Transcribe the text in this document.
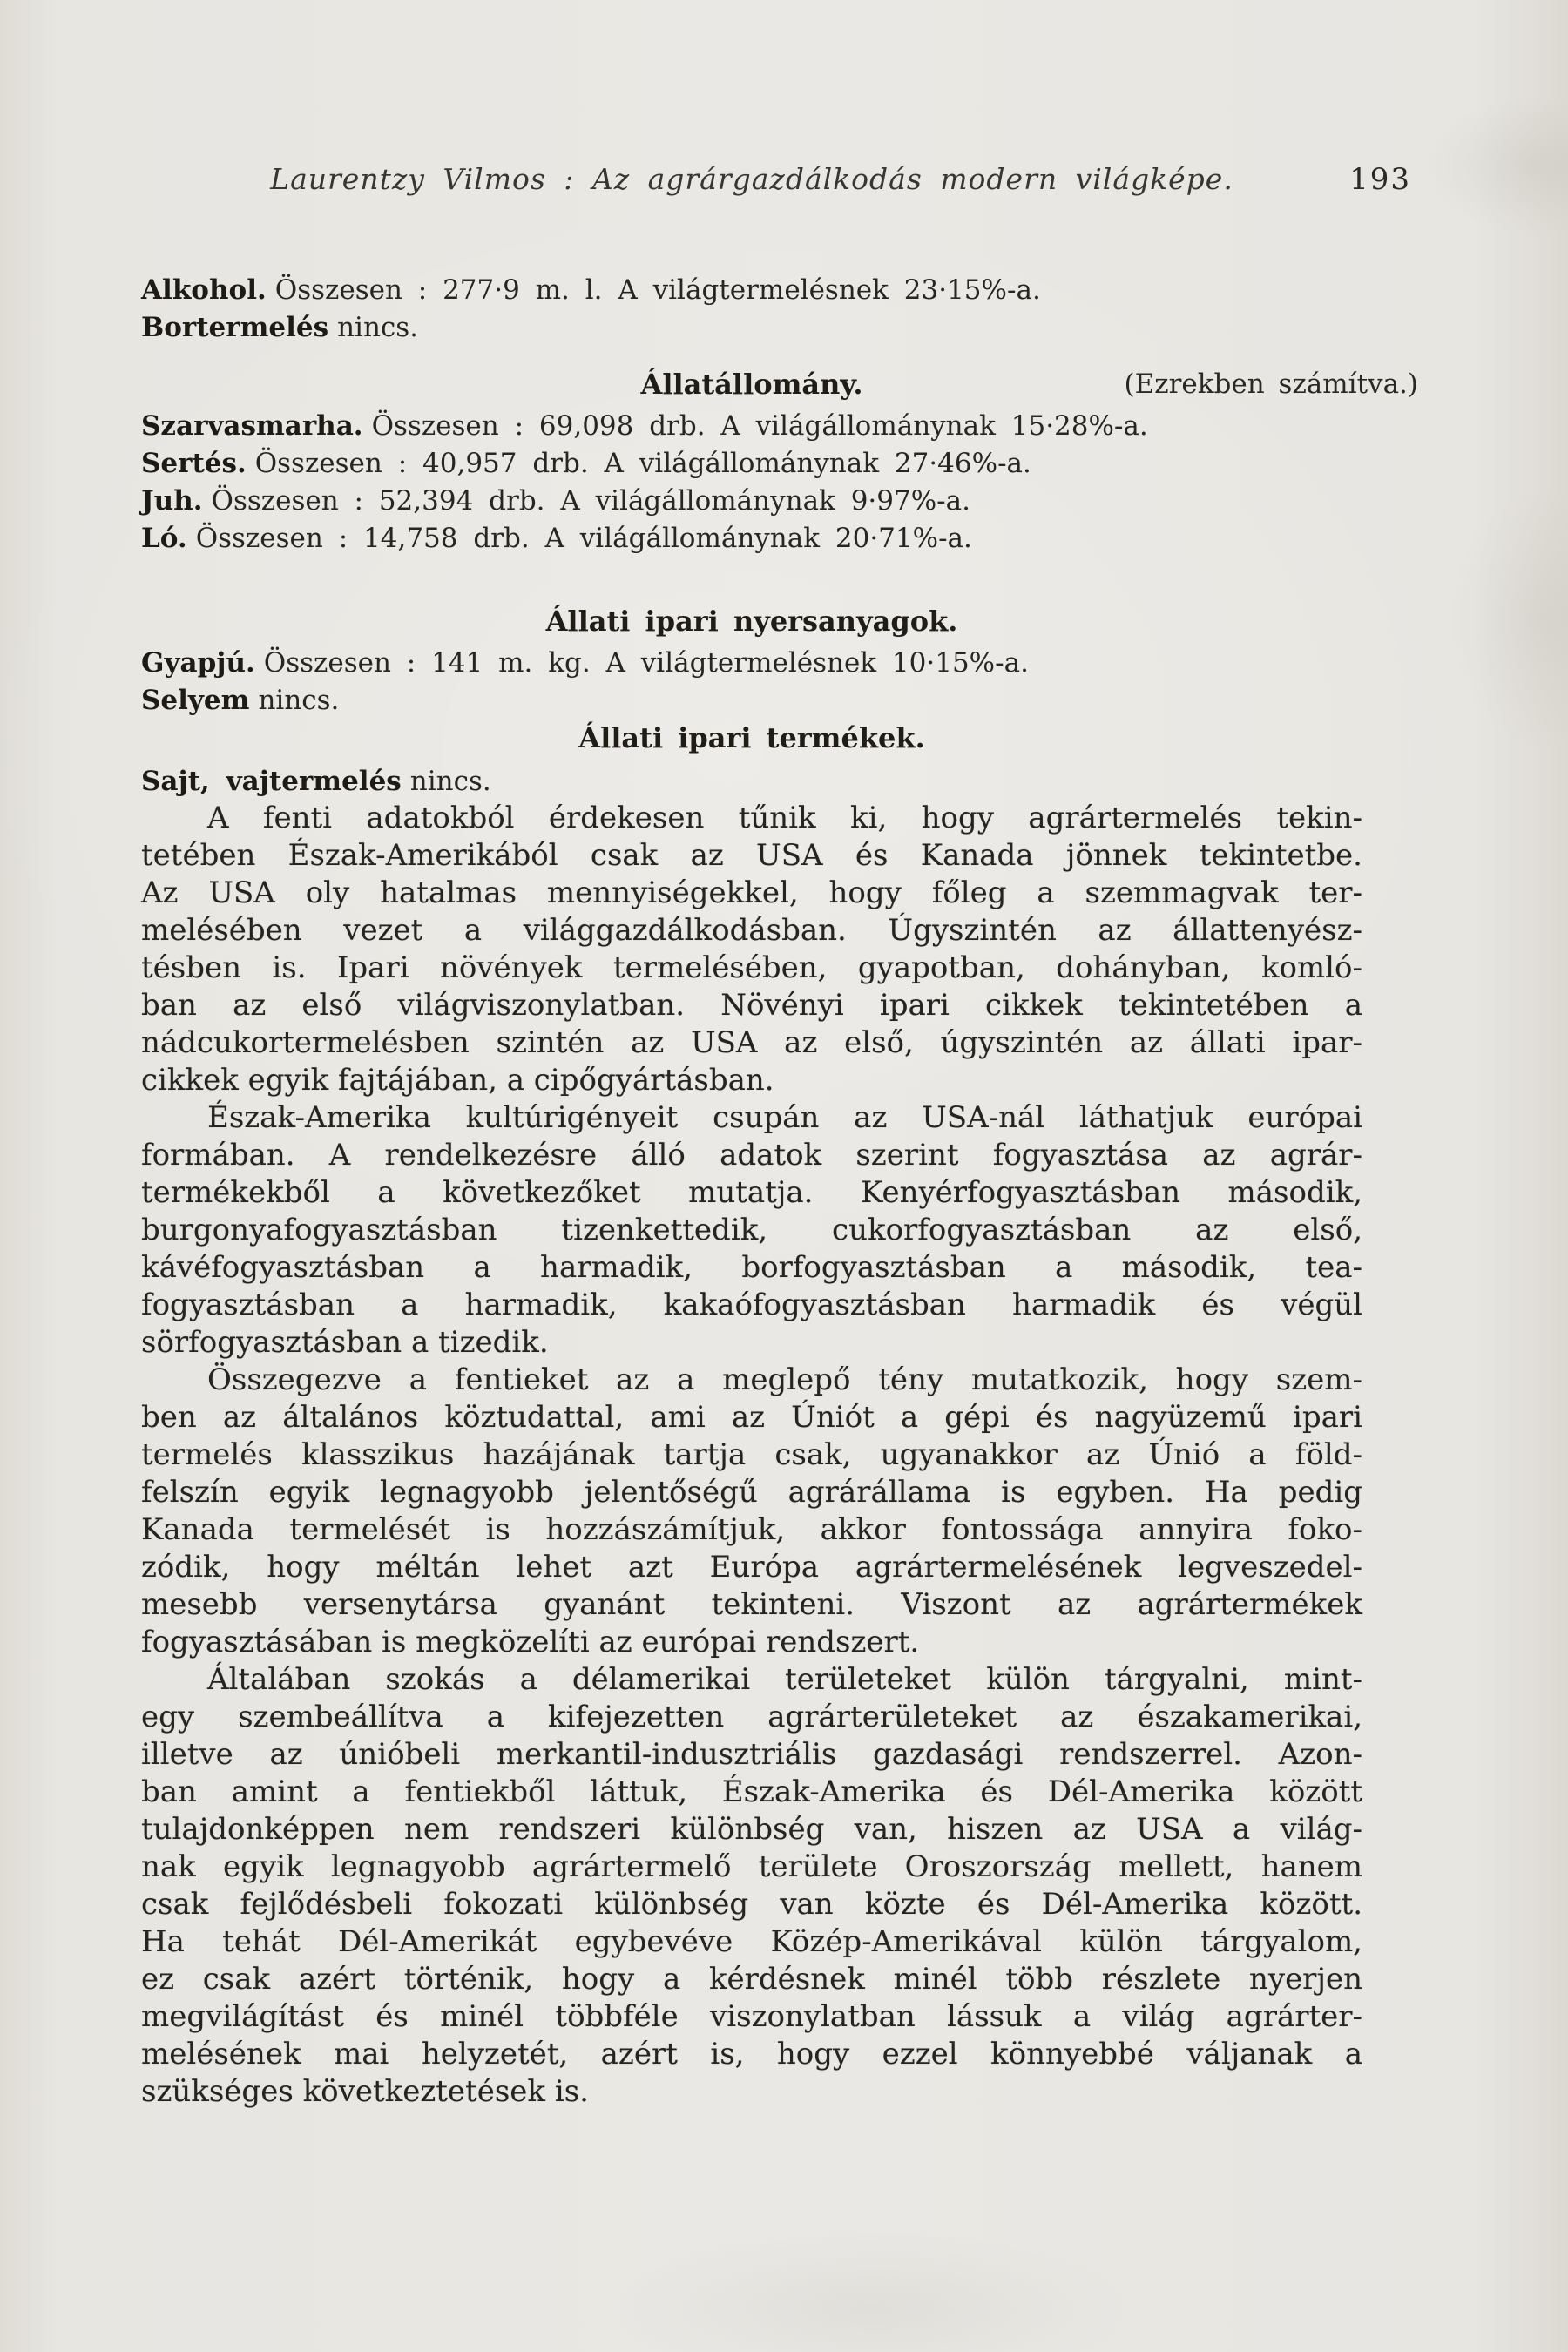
Laurentzy Vilmos : Az agrárgazdálkodás modern világképe.	193
Alkohol. Összesen : 277·9 m. l. A világtermelésnek 23·15%-a.
Bortermelés nincs.
Állatállomány.	(Ezrekben számítva.)
Szarvasmarha. Összesen : 69,098 drb. A világállománynak 15·28%-a.
Sertés. Összesen : 40,957 drb. A világállománynak 27·46%-a.
Juh. Összesen : 52,394 drb. A világállománynak 9·97%-a.
Ló. Összesen : 14,758 drb. A világállománynak 20·71%-a.
Állati ipari nyersanyagok.
Gyapjú. Összesen : 141 m. kg. A világtermelésnek 10·15%-a.
Selyem nincs.
Állati ipari termékek.
Sajt, vajtermelés nincs.
A fenti adatokból érdekesen tűnik ki, hogy agrártermelés tekin-
tetében Észak-Amerikából csak az USA és Kanada jönnek tekintetbe.
Az USA oly hatalmas mennyiségekkel, hogy főleg a szemmagvak ter-
melésében vezet a világgazdálkodásban. Úgyszintén az állattenyész-
tésben is. Ipari növények termelésében, gyapotban, dohányban, komló-
ban az első világviszonylatban. Növényi ipari cikkek tekintetében a
nádcukortermelésben szintén az USA az első, úgyszintén az állati ipar-
cikkek egyik fajtájában, a cipőgyártásban.
Észak-Amerika kultúrigényeit csupán az USA-nál láthatjuk európai
formában. A rendelkezésre álló adatok szerint fogyasztása az agrár-
termékekből a következőket mutatja. Kenyérfogyasztásban második,
burgonyafogyasztásban tizenkettedik, cukorfogyasztásban az első,
kávéfogyasztásban a harmadik, borfogyasztásban a második, tea-
fogyasztásban a harmadik, kakaófogyasztásban harmadik és végül
sörfogyasztásban a tizedik.
Összegezve a fentieket az a meglepő tény mutatkozik, hogy szem-
ben az általános köztudattal, ami az Úniót a gépi és nagyüzemű ipari
termelés klasszikus hazájának tartja csak, ugyanakkor az Únió a föld-
felszín egyik legnagyobb jelentőségű agrárállama is egyben. Ha pedig
Kanada termelését is hozzászámítjuk, akkor fontossága annyira foko-
zódik, hogy méltán lehet azt Európa agrártermelésének legveszedel-
mesebb versenytársa gyanánt tekinteni. Viszont az agrártermékek
fogyasztásában is megközelíti az európai rendszert.
Általában szokás a délamerikai területeket külön tárgyalni, mint-
egy szembeállítva a kifejezetten agrárterületeket az északamerikai,
illetve az únióbeli merkantil-indusztriális gazdasági rendszerrel. Azon-
ban amint a fentiekből láttuk, Észak-Amerika és Dél-Amerika között
tulajdonképpen nem rendszeri különbség van, hiszen az USA a világ-
nak egyik legnagyobb agrártermelő területe Oroszország mellett, hanem
csak fejlődésbeli fokozati különbség van közte és Dél-Amerika között.
Ha tehát Dél-Amerikát egybevéve Közép-Amerikával külön tárgyalom,
ez csak azért történik, hogy a kérdésnek minél több részlete nyerjen
megvilágítást és minél többféle viszonylatban lássuk a világ agrárter-
melésének mai helyzetét, azért is, hogy ezzel könnyebbé váljanak a
szükséges következtetések is.
